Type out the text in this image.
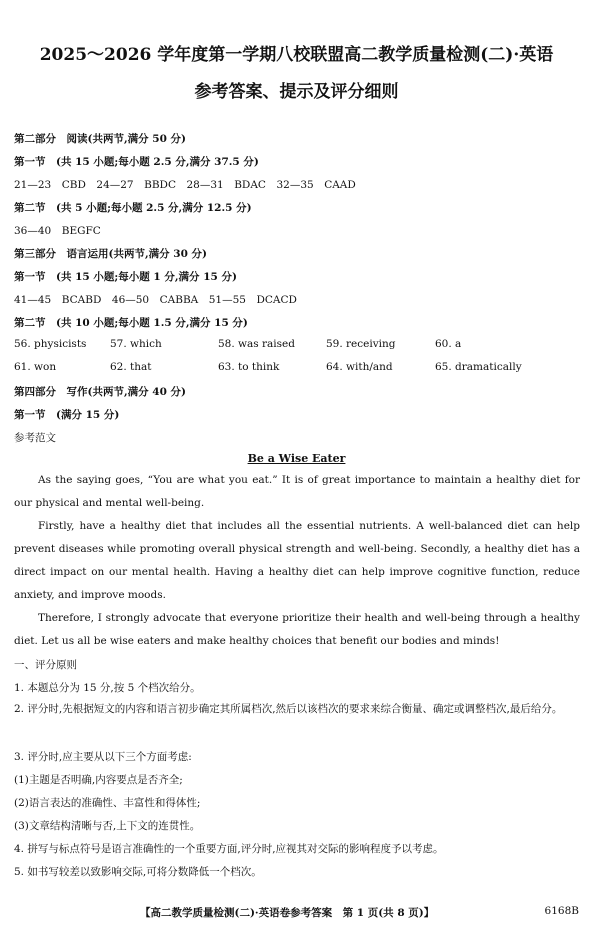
2025～2026 学年度第一学期八校联盟高二教学质量检测(二)·英语
参考答案、提示及评分细则
第二部分　阅读(共两节,满分 50 分)
第一节　(共 15 小题;每小题 2.5 分,满分 37.5 分)
21—23　CBD　24—27　BBDC　28—31　BDAC　32—35　CAAD
第二节　(共 5 小题;每小题 2.5 分,满分 12.5 分)
36—40　BEGFC
第三部分　语言运用(共两节,满分 30 分)
第一节　(共 15 小题;每小题 1 分,满分 15 分)
41—45　BCABD　46—50　CABBA　51—55　DCACD
第二节　(共 10 小题;每小题 1.5 分,满分 15 分)
56. physicists 57. which	58. was raised	59. receiving	60. a
61. won	62. that	63. to think	64. with/and	65. dramatically
第四部分　写作(共两节,满分 40 分)
第一节　(满分 15 分)
参考范文
Be a Wise Eater
As the saying goes, “You are what you eat.” It is of great importance to maintain a healthy diet for our physical and mental well-being.
Firstly, have a healthy diet that includes all the essential nutrients. A well-balanced diet can help prevent diseases while promoting overall physical strength and well-being. Secondly, a healthy diet has a direct impact on our mental health. Having a healthy diet can help improve cognitive function, reduce anxiety, and improve moods.
Therefore, I strongly advocate that everyone prioritize their health and well-being through a healthy diet. Let us all be wise eaters and make healthy choices that benefit our bodies and minds!
一、评分原则
1. 本题总分为 15 分,按 5 个档次给分。
2. 评分时,先根据短文的内容和语言初步确定其所属档次,然后以该档次的要求来综合衡量、确定或调整档次,最后给分。
3. 评分时,应主要从以下三个方面考虑:
(1)主题是否明确,内容要点是否齐全;
(2)语言表达的准确性、丰富性和得体性;
(3)文章结构清晰与否,上下文的连贯性。
4. 拼写与标点符号是语言准确性的一个重要方面,评分时,应视其对交际的影响程度予以考虑。
5. 如书写较差以致影响交际,可将分数降低一个档次。
【高二教学质量检测(二)·英语卷参考答案　第 1 页(共 8 页)】	6168B
